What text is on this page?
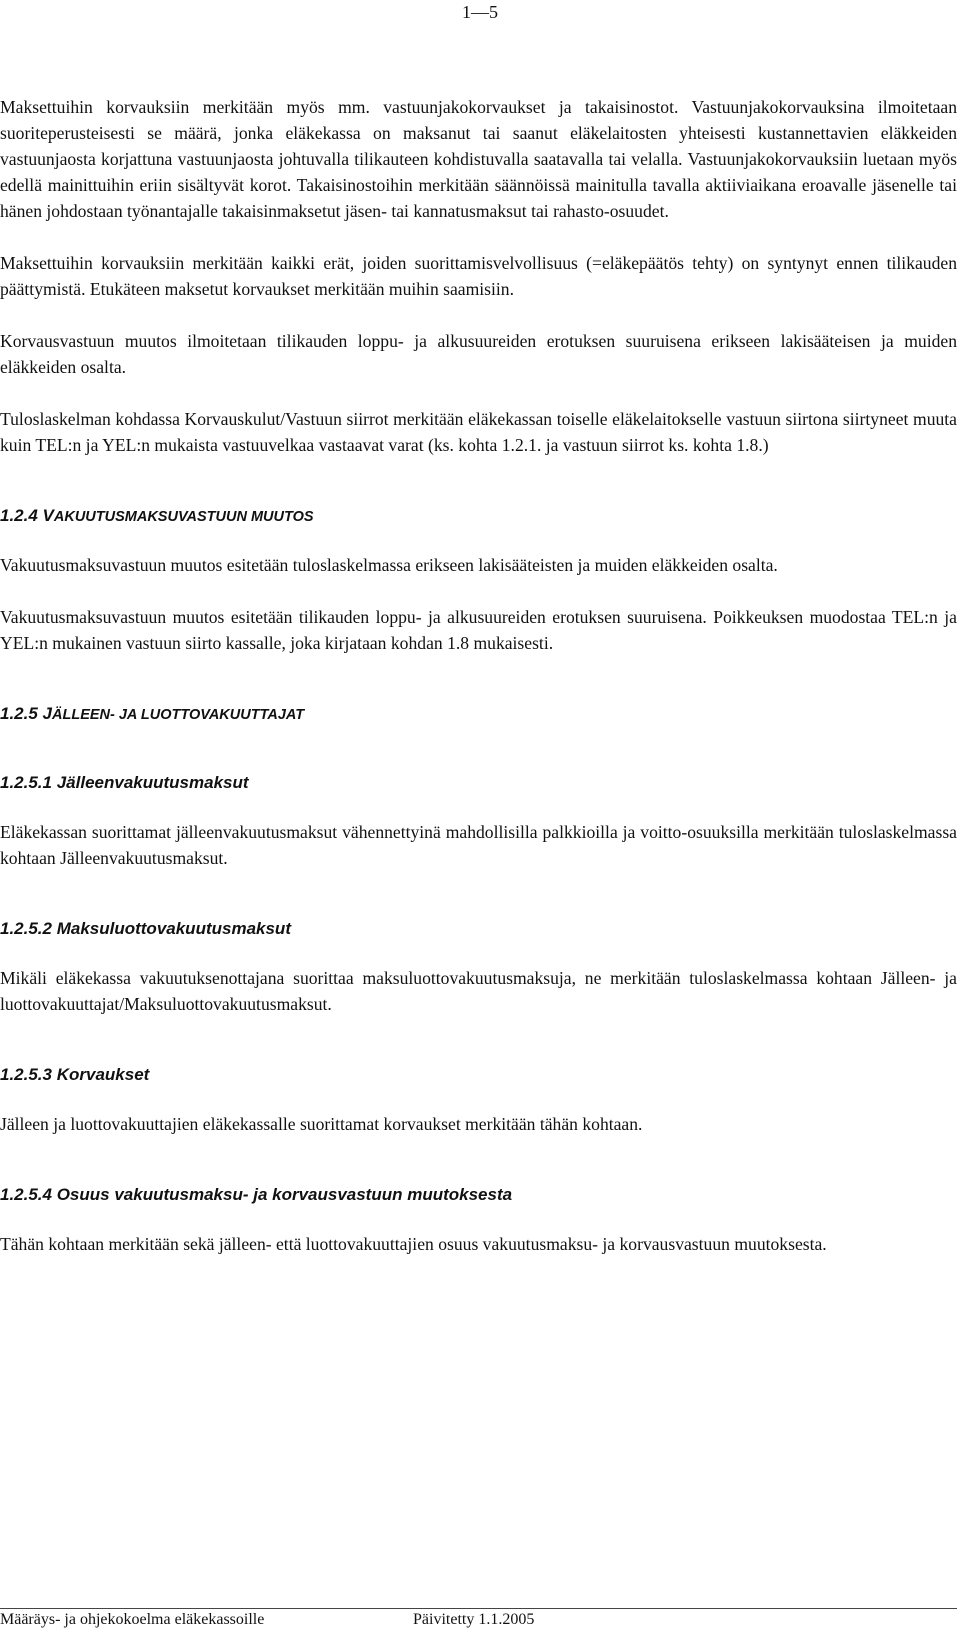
1—5

Maksettuihin korvauksiin merkitään myös mm. vastuunjakokorvaukset ja takaisinostot. Vastuunjakokorvauksina ilmoitetaan suoriteperusteisesti se määrä, jonka eläkekassa on maksanut tai saanut eläkelaitosten yhteisesti kustannettavien eläkkeiden vastuunjaosta korjattuna vastuunjaosta johtuvalla tilikauteen kohdistuvalla saatavalla tai velalla. Vastuunjakokorvauksiin luetaan myös edellä mainittuihin eriin sisältyvät korot. Takaisinostoihin merkitään säännöissä mainitulla tavalla aktiiviaikana eroavalle jäsenelle tai hänen johdostaan työnantajalle takaisinmaksetut jäsen- tai kannatusmaksut tai rahasto-osuudet.

Maksettuihin korvauksiin merkitään kaikki erät, joiden suorittamisvelvollisuus (=eläkepäätös tehty) on syntynyt ennen tilikauden päättymistä. Etukäteen maksetut korvaukset merkitään muihin saamisiin.

Korvausvastuun muutos ilmoitetaan tilikauden loppu- ja alkusuureiden erotuksen suuruisena erikseen lakisääteisen ja muiden eläkkeiden osalta.

Tuloslaskelman kohdassa Korvauskulut/Vastuun siirrot merkitään eläkekassan toiselle eläkelaitokselle vastuun siirtona siirtyneet muuta kuin TEL:n ja YEL:n mukaista vastuuvelkaa vastaavat varat (ks. kohta 1.2.1. ja vastuun siirrot ks. kohta 1.8.)

1.2.4 VAKUUTUSMAKSUVASTUUN MUUTOS

Vakuutusmaksuvastuun muutos esitetään tuloslaskelmassa erikseen lakisääteisten ja muiden eläkkeiden osalta.

Vakuutusmaksuvastuun muutos esitetään tilikauden loppu- ja alkusuureiden erotuksen suuruisena. Poikkeuksen muodostaa TEL:n ja YEL:n mukainen vastuun siirto kassalle, joka kirjataan kohdan 1.8 mukaisesti.

1.2.5 JÄLLEEN- JA LUOTTOVAKUUTTAJAT
1.2.5.1 Jälleenvakuutusmaksut

Eläkekassan suorittamat jälleenvakuutusmaksut vähennettyinä mahdollisilla palkkioilla ja voitto-osuuksilla merkitään tuloslaskelmassa kohtaan Jälleenvakuutusmaksut.

1.2.5.2 Maksuluottovakuutusmaksut

Mikäli eläkekassa vakuutuksenottajana suorittaa maksuluottovakuutusmaksuja, ne merkitään tuloslaskelmassa kohtaan Jälleen- ja luottovakuuttajat/Maksuluottovakuutusmaksut.

1.2.5.3 Korvaukset

Jälleen ja luottovakuuttajien eläkekassalle suorittamat korvaukset merkitään tähän kohtaan.

1.2.5.4 Osuus vakuutusmaksu- ja korvausvastuun muutoksesta

Tähän kohtaan merkitään sekä jälleen- että luottovakuuttajien osuus vakuutusmaksu- ja korvausvastuun muutoksesta.

Määräys- ja ohjekokoelma eläkekassoille	Päivitetty 1.1.2005
